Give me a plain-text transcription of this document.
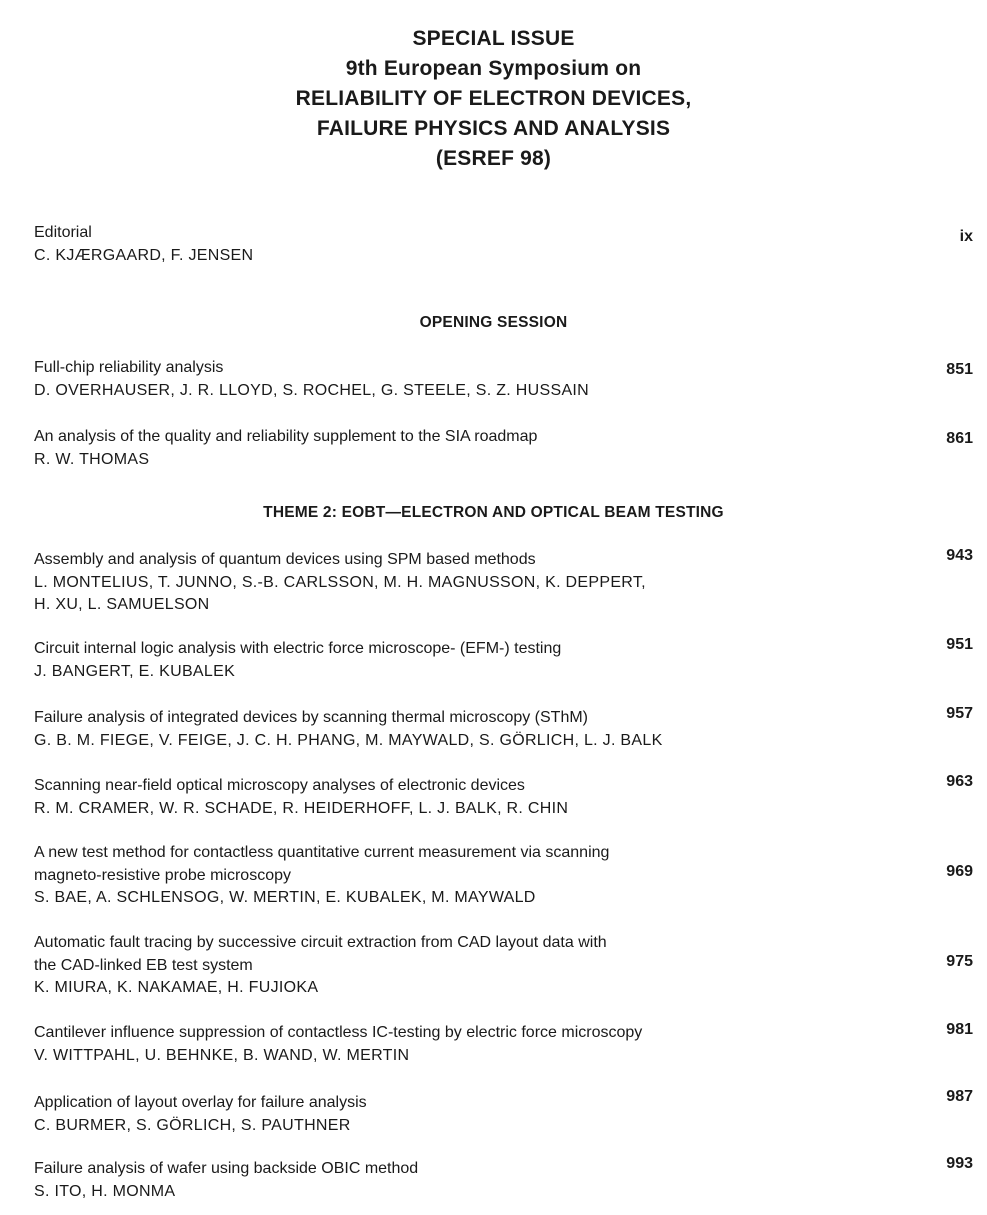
SPECIAL ISSUE
9th European Symposium on
RELIABILITY OF ELECTRON DEVICES,
FAILURE PHYSICS AND ANALYSIS
(ESREF 98)
Editorial
C. KJÆRGAARD, F. JENSEN
ix
OPENING SESSION
Full-chip reliability analysis
D. OVERHAUSER, J. R. LLOYD, S. ROCHEL, G. STEELE, S. Z. HUSSAIN
851
An analysis of the quality and reliability supplement to the SIA roadmap
R. W. THOMAS
861
THEME 2: EOBT—ELECTRON AND OPTICAL BEAM TESTING
Assembly and analysis of quantum devices using SPM based methods
L. MONTELIUS, T. JUNNO, S.-B. CARLSSON, M. H. MAGNUSSON, K. DEPPERT,
H. XU, L. SAMUELSON
943
Circuit internal logic analysis with electric force microscope- (EFM-) testing
J. BANGERT, E. KUBALEK
951
Failure analysis of integrated devices by scanning thermal microscopy (SThM)
G. B. M. FIEGE, V. FEIGE, J. C. H. PHANG, M. MAYWALD, S. GÖRLICH, L. J. BALK
957
Scanning near-field optical microscopy analyses of electronic devices
R. M. CRAMER, W. R. SCHADE, R. HEIDERHOFF, L. J. BALK, R. CHIN
963
A new test method for contactless quantitative current measurement via scanning
magneto-resistive probe microscopy
S. BAE, A. SCHLENSOG, W. MERTIN, E. KUBALEK, M. MAYWALD
969
Automatic fault tracing by successive circuit extraction from CAD layout data with
the CAD-linked EB test system
K. MIURA, K. NAKAMAE, H. FUJIOKA
975
Cantilever influence suppression of contactless IC-testing by electric force microscopy
V. WITTPAHL, U. BEHNKE, B. WAND, W. MERTIN
981
Application of layout overlay for failure analysis
C. BURMER, S. GÖRLICH, S. PAUTHNER
987
Failure analysis of wafer using backside OBIC method
S. ITO, H. MONMA
993
